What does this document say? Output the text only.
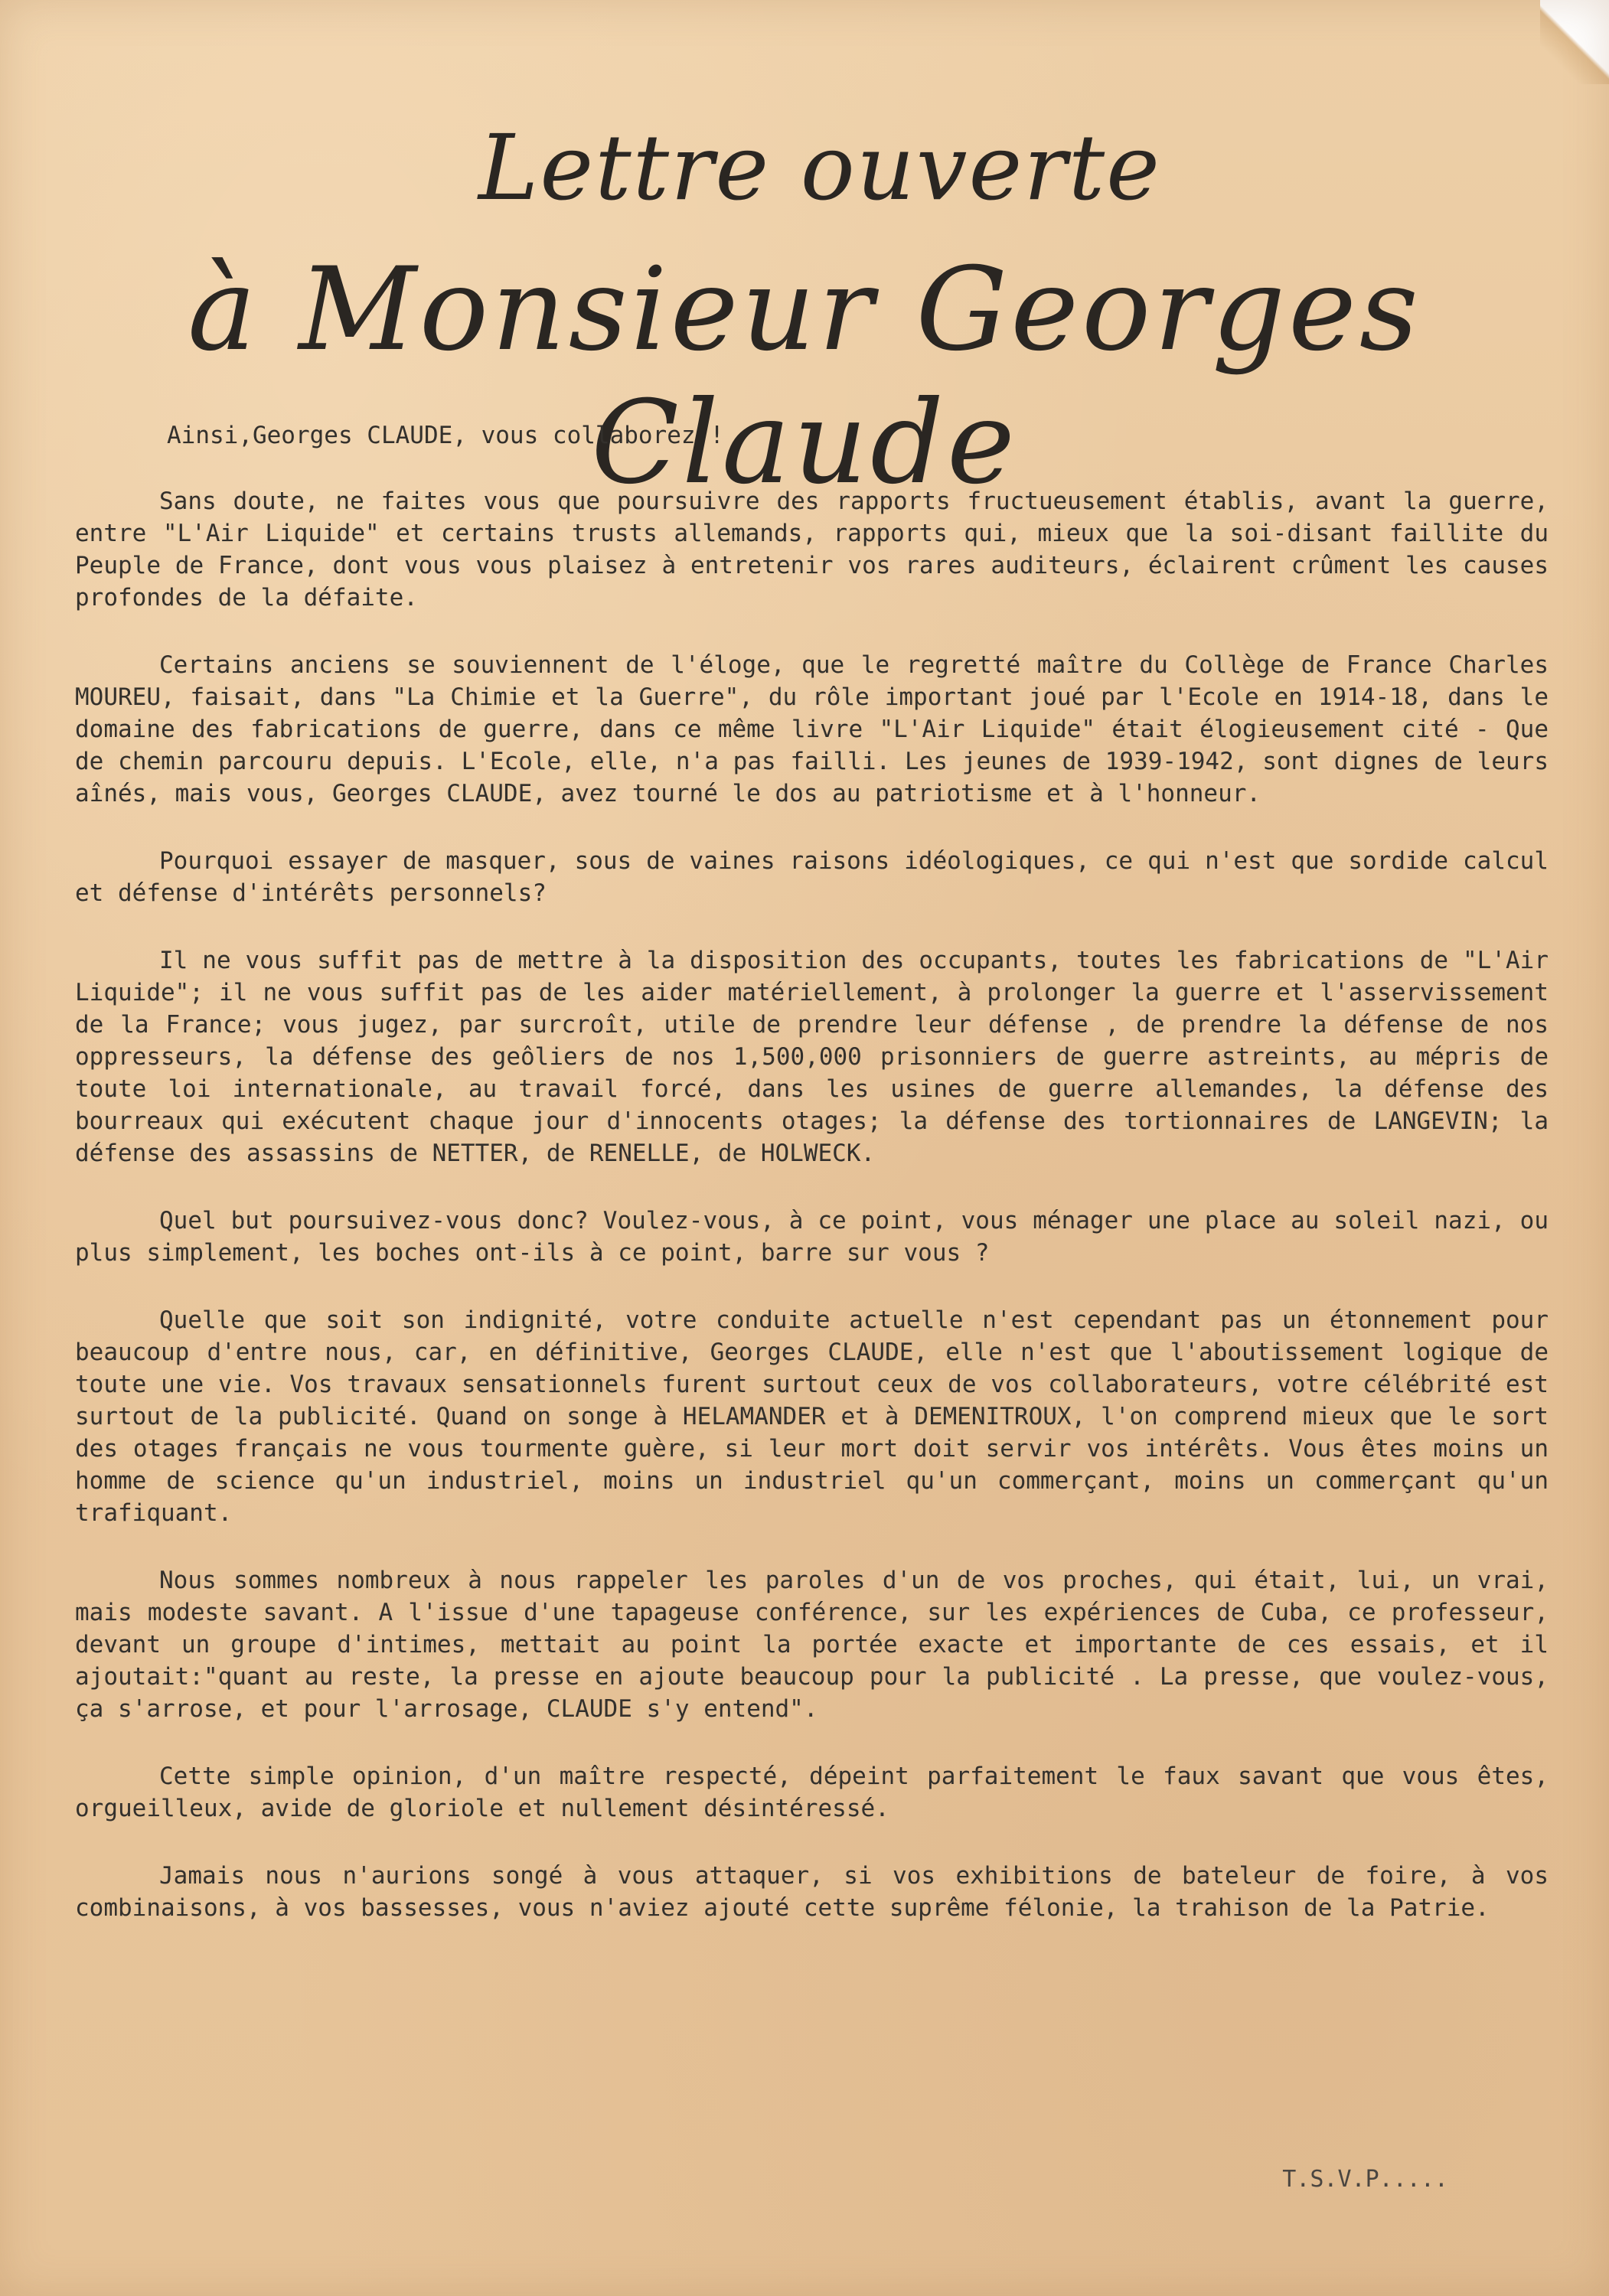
Lettre ouverte
à Monsieur Georges Claude

Ainsi,Georges CLAUDE, vous collaborez !

Sans doute, ne faites vous que poursuivre des rapports fructueusement établis, avant la guerre, entre "L'Air Liquide" et certains trusts allemands, rapports qui, mieux que la soi-disant faillite du Peuple de France, dont vous vous plaisez à entretenir vos rares auditeurs, éclairent crûment les causes profondes de la défaite.

Certains anciens se souviennent de l'éloge, que le regretté maître du Collège de France Charles MOUREU, faisait, dans "La Chimie et la Guerre", du rôle important joué par l'Ecole en 1914-18, dans le domaine des fabrications de guerre, dans ce même livre "L'Air Liquide" était élogieusement cité - Que de chemin parcouru depuis. L'Ecole, elle, n'a pas failli. Les jeunes de 1939-1942, sont dignes de leurs aînés, mais vous, Georges CLAUDE, avez tourné le dos au patriotisme et à l'honneur.

Pourquoi essayer de masquer, sous de vaines raisons idéologiques, ce qui n'est que sordide calcul et défense d'intérêts personnels?

Il ne vous suffit pas de mettre à la disposition des occupants, toutes les fabrications de "L'Air Liquide"; il ne vous suffit pas de les aider matériellement, à prolonger la guerre et l'asservissement de la France; vous jugez, par surcroît, utile de prendre leur défense , de prendre la défense de nos oppresseurs, la défense des geôliers de nos 1,500,000 prisonniers de guerre astreints, au mépris de toute loi internationale, au travail forcé, dans les usines de guerre allemandes, la défense des bourreaux qui exécutent chaque jour d'innocents otages; la défense des tortionnaires de LANGEVIN; la défense des assassins de NETTER, de RENELLE, de HOLWECK.

Quel but poursuivez-vous donc? Voulez-vous, à ce point, vous ménager une place au soleil nazi, ou plus simplement, les boches ont-ils à ce point, barre sur vous ?

Quelle que soit son indignité, votre conduite actuelle n'est cependant pas un étonnement pour beaucoup d'entre nous, car, en définitive, Georges CLAUDE, elle n'est que l'aboutissement logique de toute une vie. Vos travaux sensationnels furent surtout ceux de vos collaborateurs, votre célébrité est surtout de la publicité. Quand on songe à HELAMANDER et à DEMENITROUX, l'on comprend mieux que le sort des otages français ne vous tourmente guère, si leur mort doit servir vos intérêts. Vous êtes moins un homme de science qu'un industriel, moins un industriel qu'un commerçant, moins un commerçant qu'un trafiquant.

Nous sommes nombreux à nous rappeler les paroles d'un de vos proches, qui était, lui, un vrai, mais modeste savant. A l'issue d'une tapageuse conférence, sur les expériences de Cuba, ce professeur, devant un groupe d'intimes, mettait au point la portée exacte et importante de ces essais, et il ajoutait:"quant au reste, la presse en ajoute beaucoup pour la publicité . La presse, que voulez-vous, ça s'arrose, et pour l'arrosage, CLAUDE s'y entend".

Cette simple opinion, d'un maître respecté, dépeint parfaitement le faux savant que vous êtes, orgueilleux, avide de gloriole et nullement désintéressé.

Jamais nous n'aurions songé à vous attaquer, si vos exhibitions de bateleur de foire, à vos combinaisons, à vos bassesses, vous n'aviez ajouté cette suprême félonie, la trahison de la Patrie.

T.S.V.P.....
